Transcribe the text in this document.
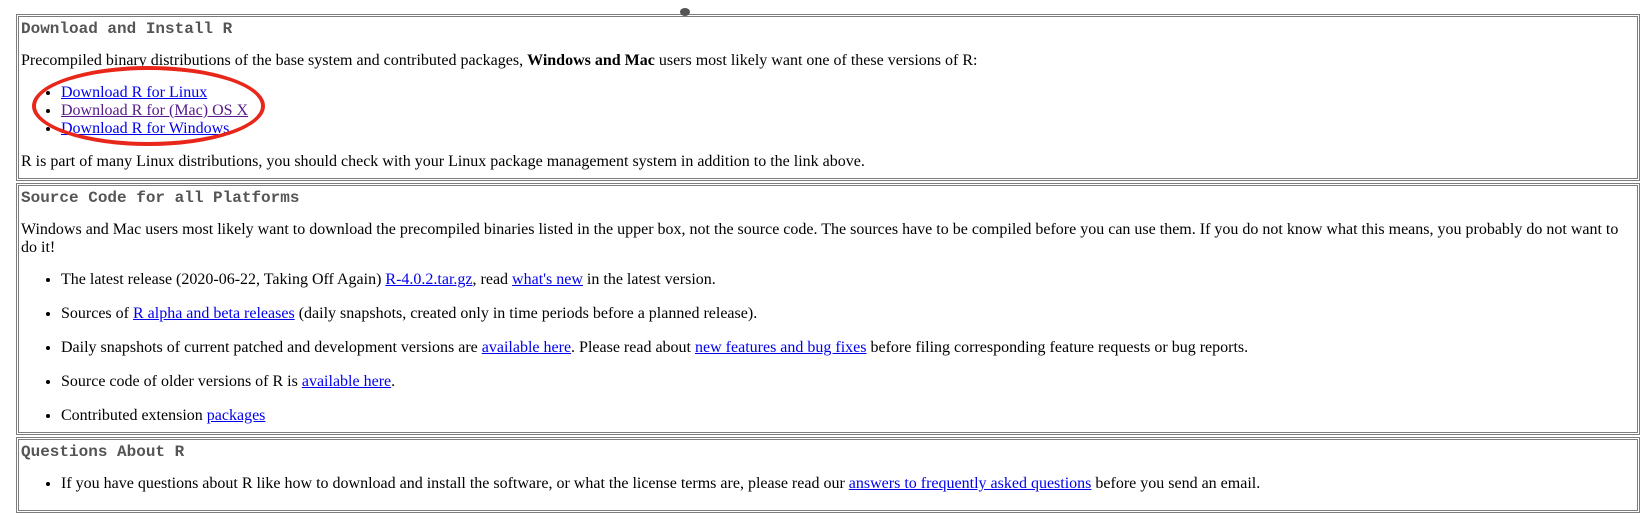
Download and Install R

Precompiled binary distributions of the base system and contributed packages, Windows and Mac users most likely want one of these versions of R:

• Download R for Linux
• Download R for (Mac) OS X
• Download R for Windows

R is part of many Linux distributions, you should check with your Linux package management system in addition to the link above.

Source Code for all Platforms

Windows and Mac users most likely want to download the precompiled binaries listed in the upper box, not the source code. The sources have to be compiled before you can use them. If you do not know what this means, you probably do not want to do it!

• The latest release (2020-06-22, Taking Off Again) R-4.0.2.tar.gz, read what's new in the latest version.
• Sources of R alpha and beta releases (daily snapshots, created only in time periods before a planned release).
• Daily snapshots of current patched and development versions are available here. Please read about new features and bug fixes before filing corresponding feature requests or bug reports.
• Source code of older versions of R is available here.
• Contributed extension packages
Questions About R
• If you have questions about R like how to download and install the software, or what the license terms are, please read our answers to frequently asked questions before you send an email.
